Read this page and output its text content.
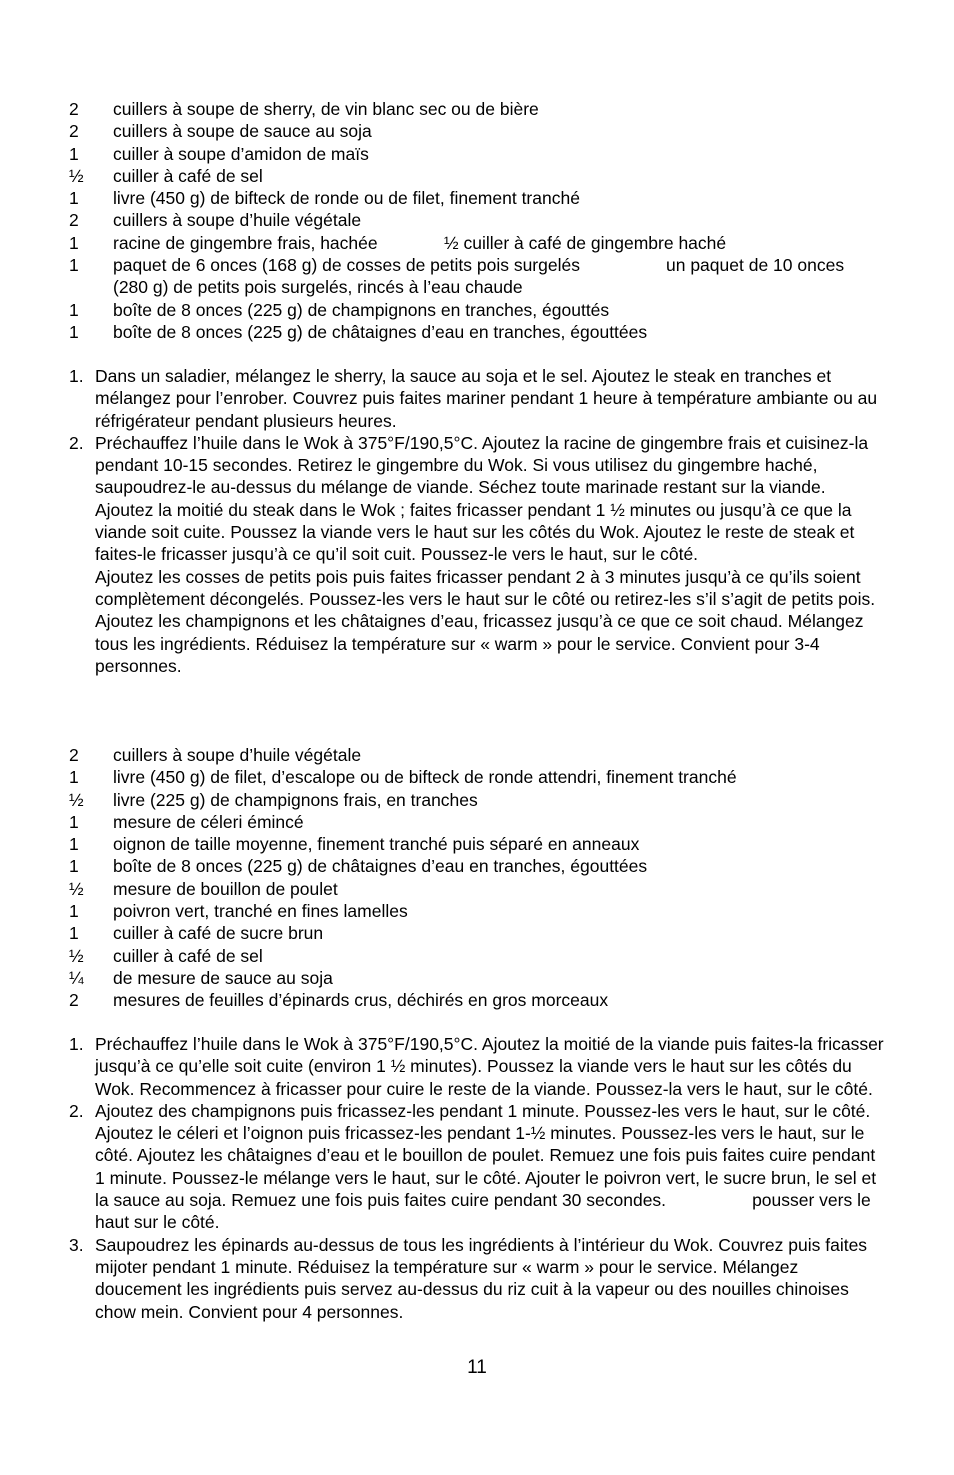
2 cuillers à soupe de sherry, de vin blanc sec ou de bière
2 cuillers à soupe de sauce au soja
1 cuiller à soupe d’amidon de maïs
½ cuiller à café de sel
1 livre (450 g) de bifteck de ronde ou de filet, finement tranché
2 cuillers à soupe d’huile végétale
1 racine de gingembre frais, hachée	½ cuiller à café de gingembre haché
1 paquet de 6 onces (168 g) de cosses de petits pois surgelés	un paquet de 10 onces
(280 g) de petits pois surgelés, rincés à l’eau chaude
1 boîte de 8 onces (225 g) de champignons en tranches, égouttés
1 boîte de 8 onces (225 g) de châtaignes d’eau en tranches, égouttées
1. Dans un saladier, mélangez le sherry, la sauce au soja et le sel. Ajoutez le steak en tranches et mélangez pour l’enrober. Couvrez puis faites mariner pendant 1 heure à température ambiante ou au réfrigérateur pendant plusieurs heures.
2. Préchauffez l’huile dans le Wok à 375°F/190,5°C. Ajoutez la racine de gingembre frais et cuisinez-la pendant 10-15 secondes. Retirez le gingembre du Wok. Si vous utilisez du gingembre haché, saupoudrez-le au-dessus du mélange de viande. Séchez toute marinade restant sur la viande. Ajoutez la moitié du steak dans le Wok ; faites fricasser pendant 1 ½ minutes ou jusqu’à ce que la viande soit cuite. Poussez la viande vers le haut sur les côtés du Wok. Ajoutez le reste de steak et faites-le fricasser jusqu’à ce qu’il soit cuit. Poussez-le vers le haut, sur le côté.
Ajoutez les cosses de petits pois puis faites fricasser pendant 2 à 3 minutes jusqu’à ce qu’ils soient complètement décongelés. Poussez-les vers le haut sur le côté ou retirez-les s’il s’agit de petits pois. Ajoutez les champignons et les châtaignes d’eau, fricassez jusqu’à ce que ce soit chaud. Mélangez tous les ingrédients. Réduisez la température sur « warm » pour le service. Convient pour 3-4 personnes.
2 cuillers à soupe d’huile végétale
1 livre (450 g) de filet, d’escalope ou de bifteck de ronde attendri, finement tranché
½ livre (225 g) de champignons frais, en tranches
1 mesure de céleri émincé
1 oignon de taille moyenne, finement tranché puis séparé en anneaux
1 boîte de 8 onces (225 g) de châtaignes d’eau en tranches, égouttées
½ mesure de bouillon de poulet
1 poivron vert, tranché en fines lamelles
1 cuiller à café de sucre brun
½ cuiller à café de sel
¼ de mesure de sauce au soja
2 mesures de feuilles d’épinards crus, déchirés en gros morceaux
1. Préchauffez l’huile dans le Wok à 375°F/190,5°C. Ajoutez la moitié de la viande puis faites-la fricasser jusqu’à ce qu’elle soit cuite (environ 1 ½ minutes). Poussez la viande vers le haut sur les côtés du Wok. Recommencez à fricasser pour cuire le reste de la viande. Poussez-la vers le haut, sur le côté.
2. Ajoutez des champignons puis fricassez-les pendant 1 minute. Poussez-les vers le haut, sur le côté. Ajoutez le céleri et l’oignon puis fricassez-les pendant 1-½ minutes. Poussez-les vers le haut, sur le côté. Ajoutez les châtaignes d’eau et le bouillon de poulet. Remuez une fois puis faites cuire pendant 1 minute. Poussez-le mélange vers le haut, sur le côté. Ajouter le poivron vert, le sucre brun, le sel et la sauce au soja. Remuez une fois puis faites cuire pendant 30 secondes.	pousser vers le haut sur le côté.
3. Saupoudrez les épinards au-dessus de tous les ingrédients à l’intérieur du Wok. Couvrez puis faites mijoter pendant 1 minute. Réduisez la température sur « warm » pour le service. Mélangez doucement les ingrédients puis servez au-dessus du riz cuit à la vapeur ou des nouilles chinoises chow mein. Convient pour 4 personnes.
11
